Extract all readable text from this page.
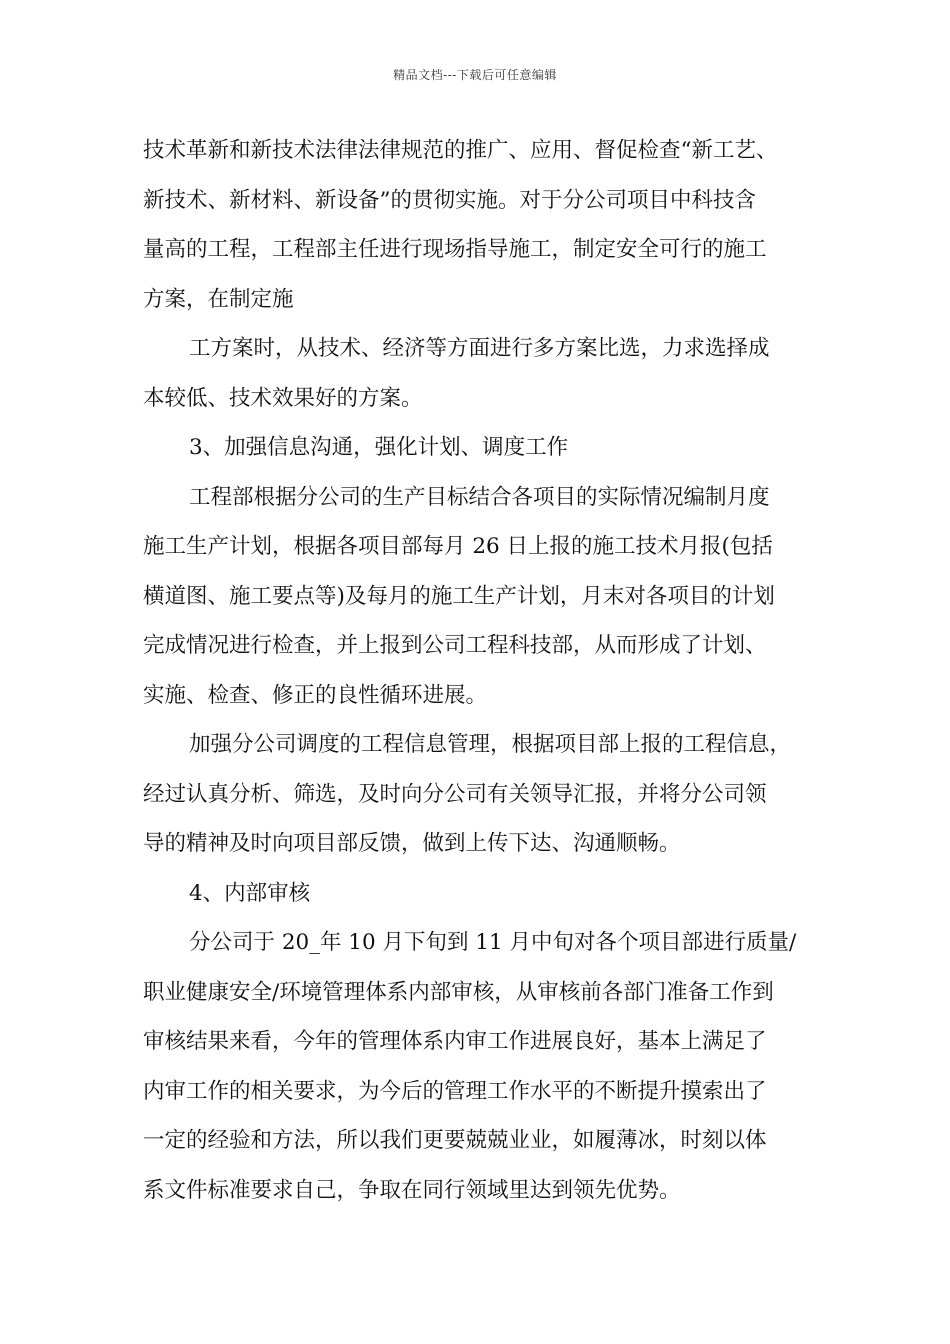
精品文档---下载后可任意编辑
技术革新和新技术法律法律规范的推广、应用、督促检查“新工艺、
新技术、新材料、新设备”的贯彻实施。对于分公司项目中科技含
量高的工程，工程部主任进行现场指导施工，制定安全可行的施工
方案，在制定施
工方案时，从技术、经济等方面进行多方案比选，力求选择成
本较低、技术效果好的方案。
3、加强信息沟通，强化计划、调度工作
工程部根据分公司的生产目标结合各项目的实际情况编制月度
施工生产计划，根据各项目部每月 26 日上报的施工技术月报(包括
横道图、施工要点等)及每月的施工生产计划，月末对各项目的计划
完成情况进行检查，并上报到公司工程科技部，从而形成了计划、
实施、检查、修正的良性循环进展。
加强分公司调度的工程信息管理，根据项目部上报的工程信息，
经过认真分析、筛选，及时向分公司有关领导汇报，并将分公司领
导的精神及时向项目部反馈，做到上传下达、沟通顺畅。
4、内部审核
分公司于 20_年 10 月下旬到 11 月中旬对各个项目部进行质量/
职业健康安全/环境管理体系内部审核，从审核前各部门准备工作到
审核结果来看，今年的管理体系内审工作进展良好，基本上满足了
内审工作的相关要求，为今后的管理工作水平的不断提升摸索出了
一定的经验和方法，所以我们更要兢兢业业，如履薄冰，时刻以体
系文件标准要求自己，争取在同行领域里达到领先优势。
